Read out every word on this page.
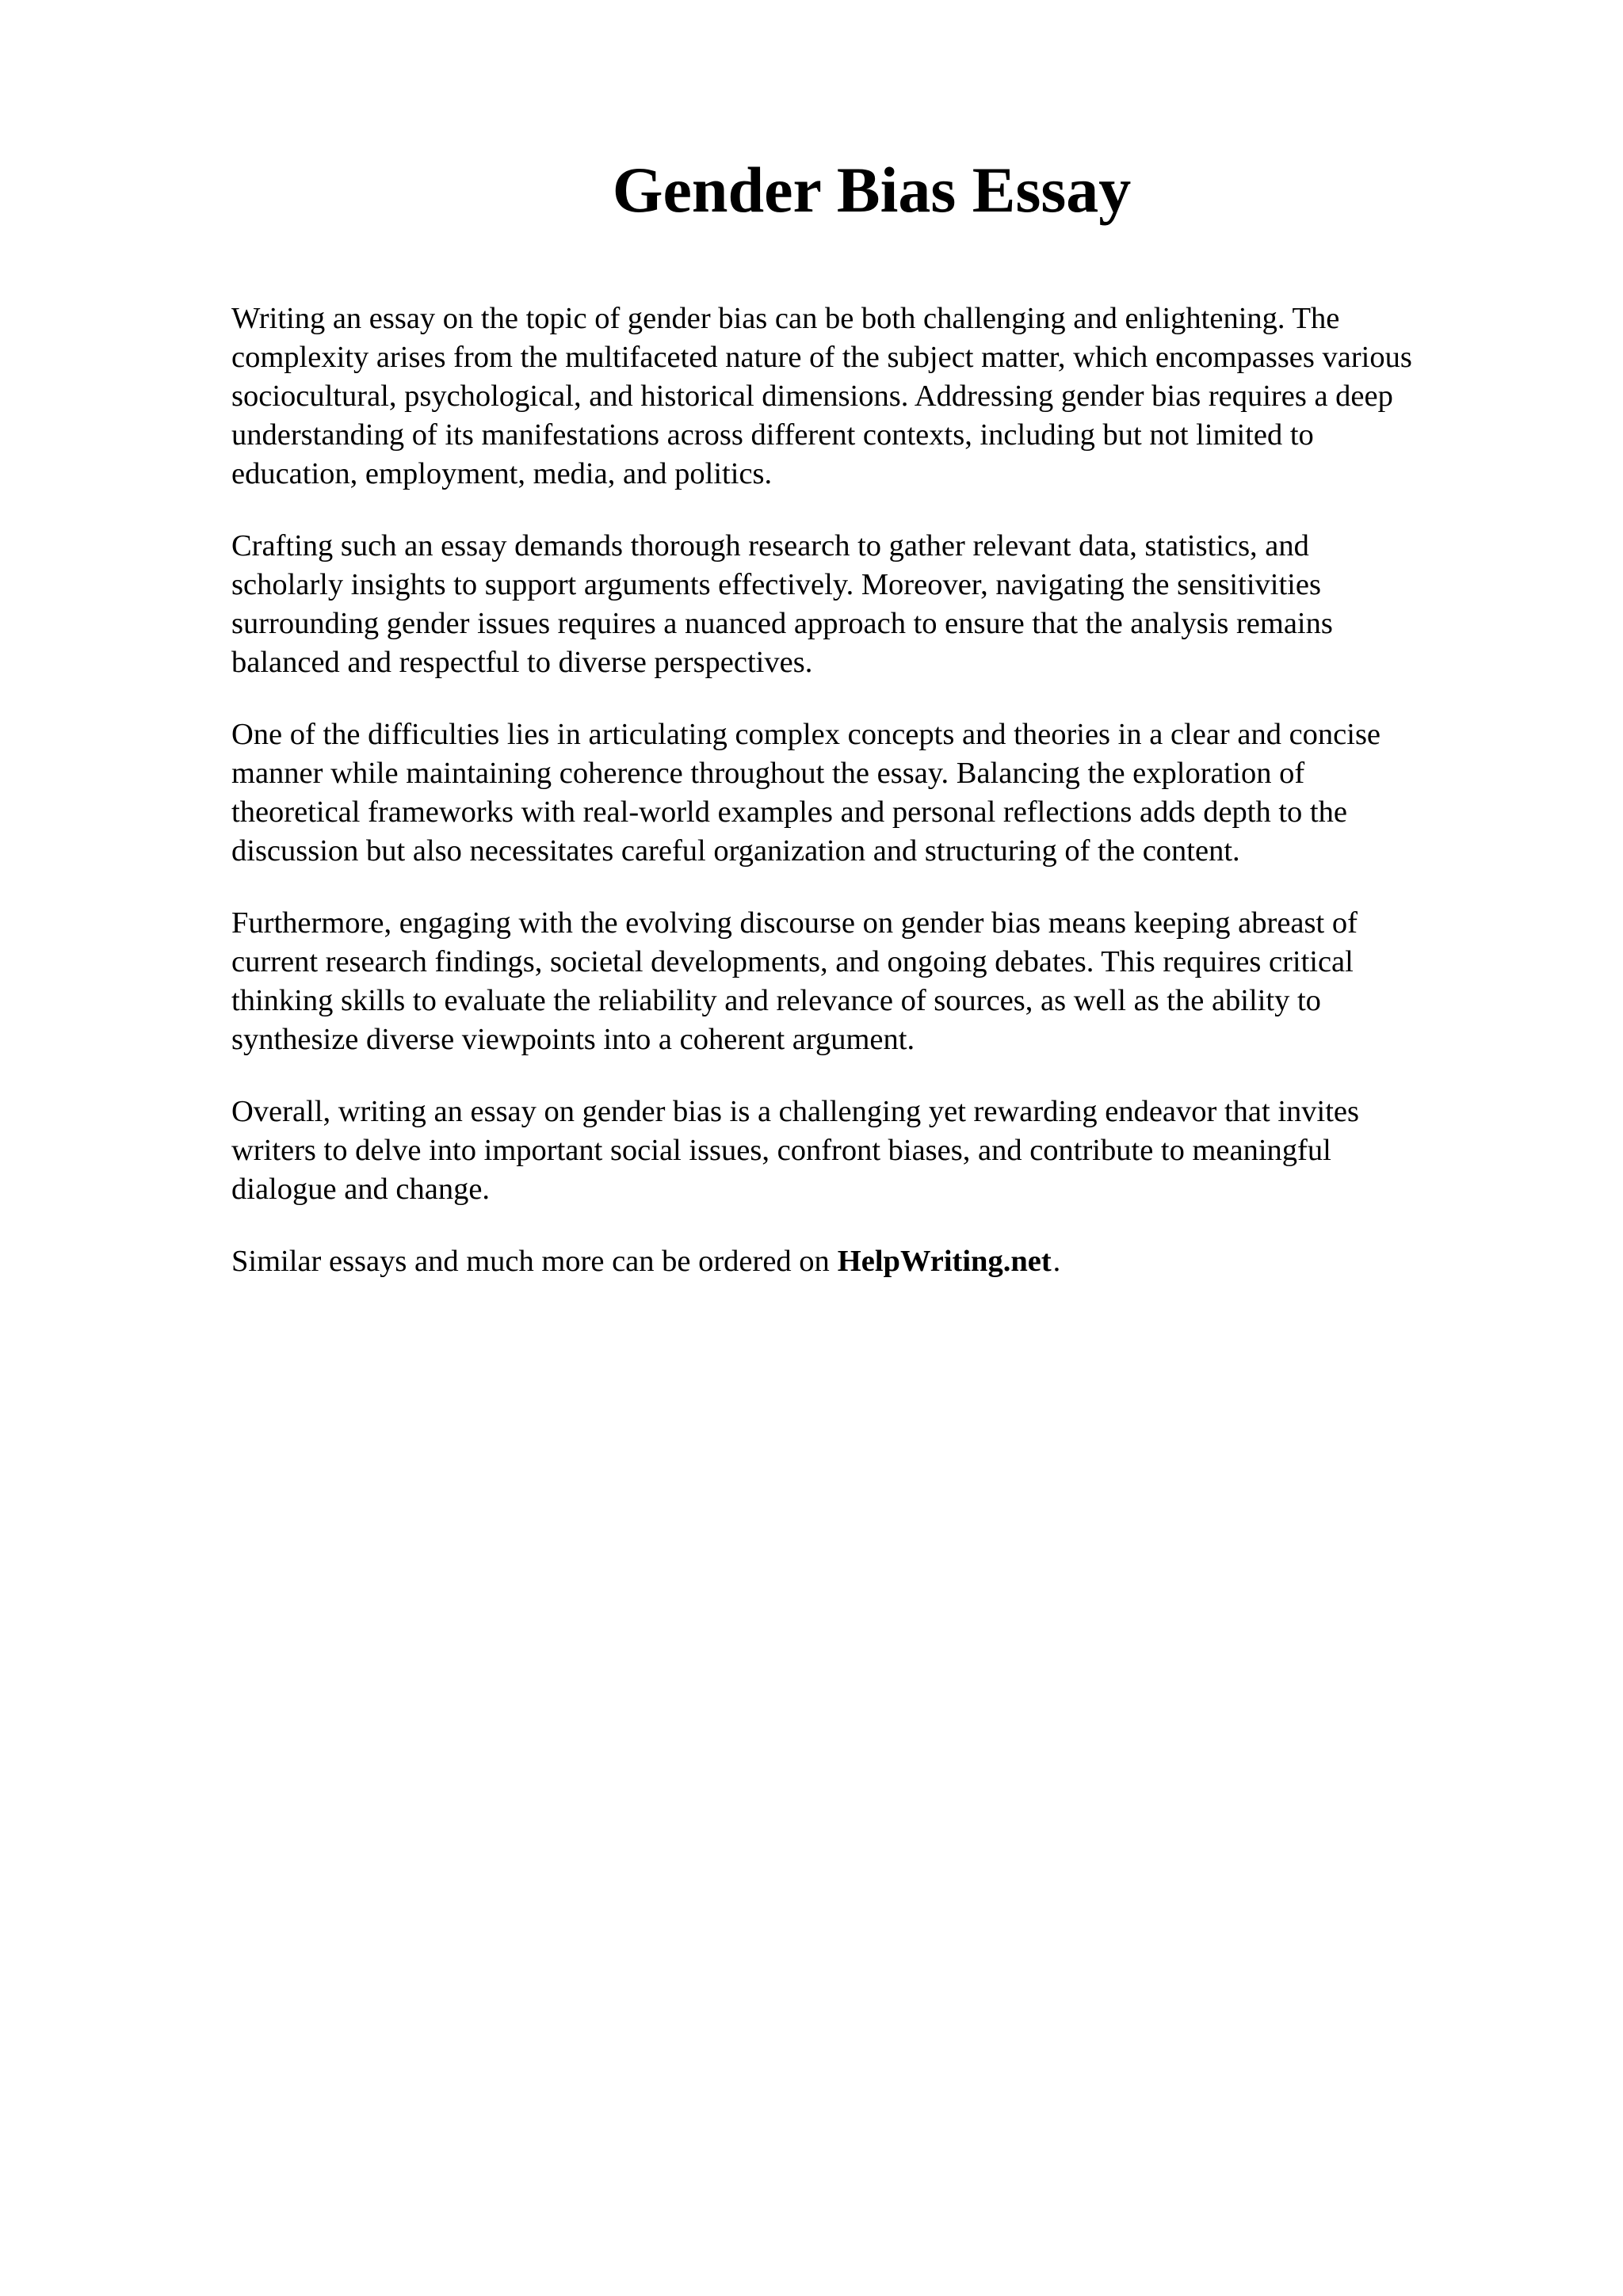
Gender Bias Essay

Writing an essay on the topic of gender bias can be both challenging and enlightening. The
complexity arises from the multifaceted nature of the subject matter, which encompasses various
sociocultural, psychological, and historical dimensions. Addressing gender bias requires a deep
understanding of its manifestations across different contexts, including but not limited to
education, employment, media, and politics.

Crafting such an essay demands thorough research to gather relevant data, statistics, and
scholarly insights to support arguments effectively. Moreover, navigating the sensitivities
surrounding gender issues requires a nuanced approach to ensure that the analysis remains
balanced and respectful to diverse perspectives.

One of the difficulties lies in articulating complex concepts and theories in a clear and concise
manner while maintaining coherence throughout the essay. Balancing the exploration of
theoretical frameworks with real-world examples and personal reflections adds depth to the
discussion but also necessitates careful organization and structuring of the content.

Furthermore, engaging with the evolving discourse on gender bias means keeping abreast of
current research findings, societal developments, and ongoing debates. This requires critical
thinking skills to evaluate the reliability and relevance of sources, as well as the ability to
synthesize diverse viewpoints into a coherent argument.

Overall, writing an essay on gender bias is a challenging yet rewarding endeavor that invites
writers to delve into important social issues, confront biases, and contribute to meaningful
dialogue and change.

Similar essays and much more can be ordered on HelpWriting.net.
